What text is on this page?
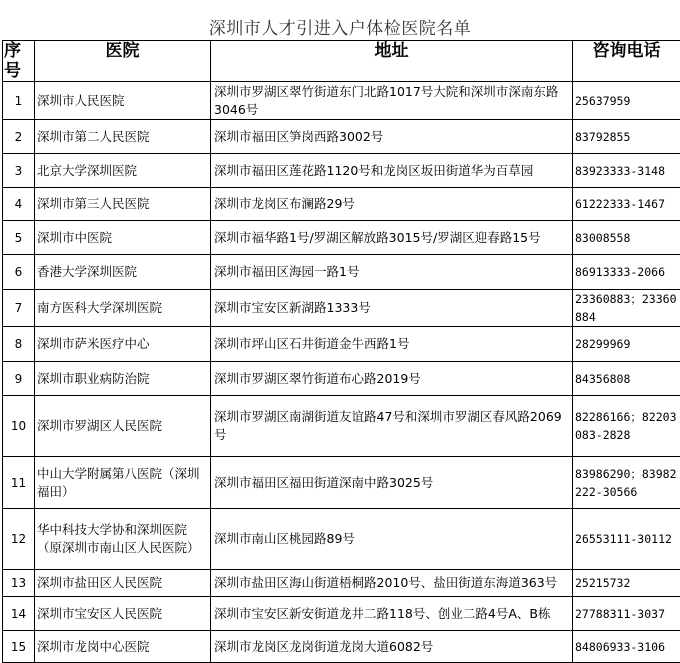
深圳市人才引进入户体检医院名单
序号	医院	地址	咨询电话
1	深圳市人民医院	深圳市罗湖区翠竹街道东门北路1017号大院和深圳市深南东路3046号	25637959
2	深圳市第二人民医院	深圳市福田区笋岗西路3002号	83792855
3	北京大学深圳医院	深圳市福田区莲花路1120号和龙岗区坂田街道华为百草园	83923333-3148
4	深圳市第三人民医院	深圳市龙岗区布澜路29号	61222333-1467
5	深圳市中医院	深圳市福华路1号/罗湖区解放路3015号/罗湖区迎春路15号	83008558
6	香港大学深圳医院	深圳市福田区海园一路1号	86913333-2066
7	南方医科大学深圳医院	深圳市宝安区新湖路1333号	23360883；23360884
8	深圳市萨米医疗中心	深圳市坪山区石井街道金牛西路1号	28299969
9	深圳市职业病防治院	深圳市罗湖区翠竹街道布心路2019号	84356808
10	深圳市罗湖区人民医院	深圳市罗湖区南湖街道友谊路47号和深圳市罗湖区春风路2069号	82286166；82203083-2828
11	中山大学附属第八医院（深圳福田）	深圳市福田区福田街道深南中路3025号	83986290；83982222-30566
12	华中科技大学协和深圳医院（原深圳市南山区人民医院）	深圳市南山区桃园路89号	26553111-30112
13	深圳市盐田区人民医院	深圳市盐田区海山街道梧桐路2010号、盐田街道东海道363号	25215732
14	深圳市宝安区人民医院	深圳市宝安区新安街道龙井二路118号、创业二路4号A、B栋	27788311-3037
15	深圳市龙岗中心医院	深圳市龙岗区龙岗街道龙岗大道6082号	84806933-3106
